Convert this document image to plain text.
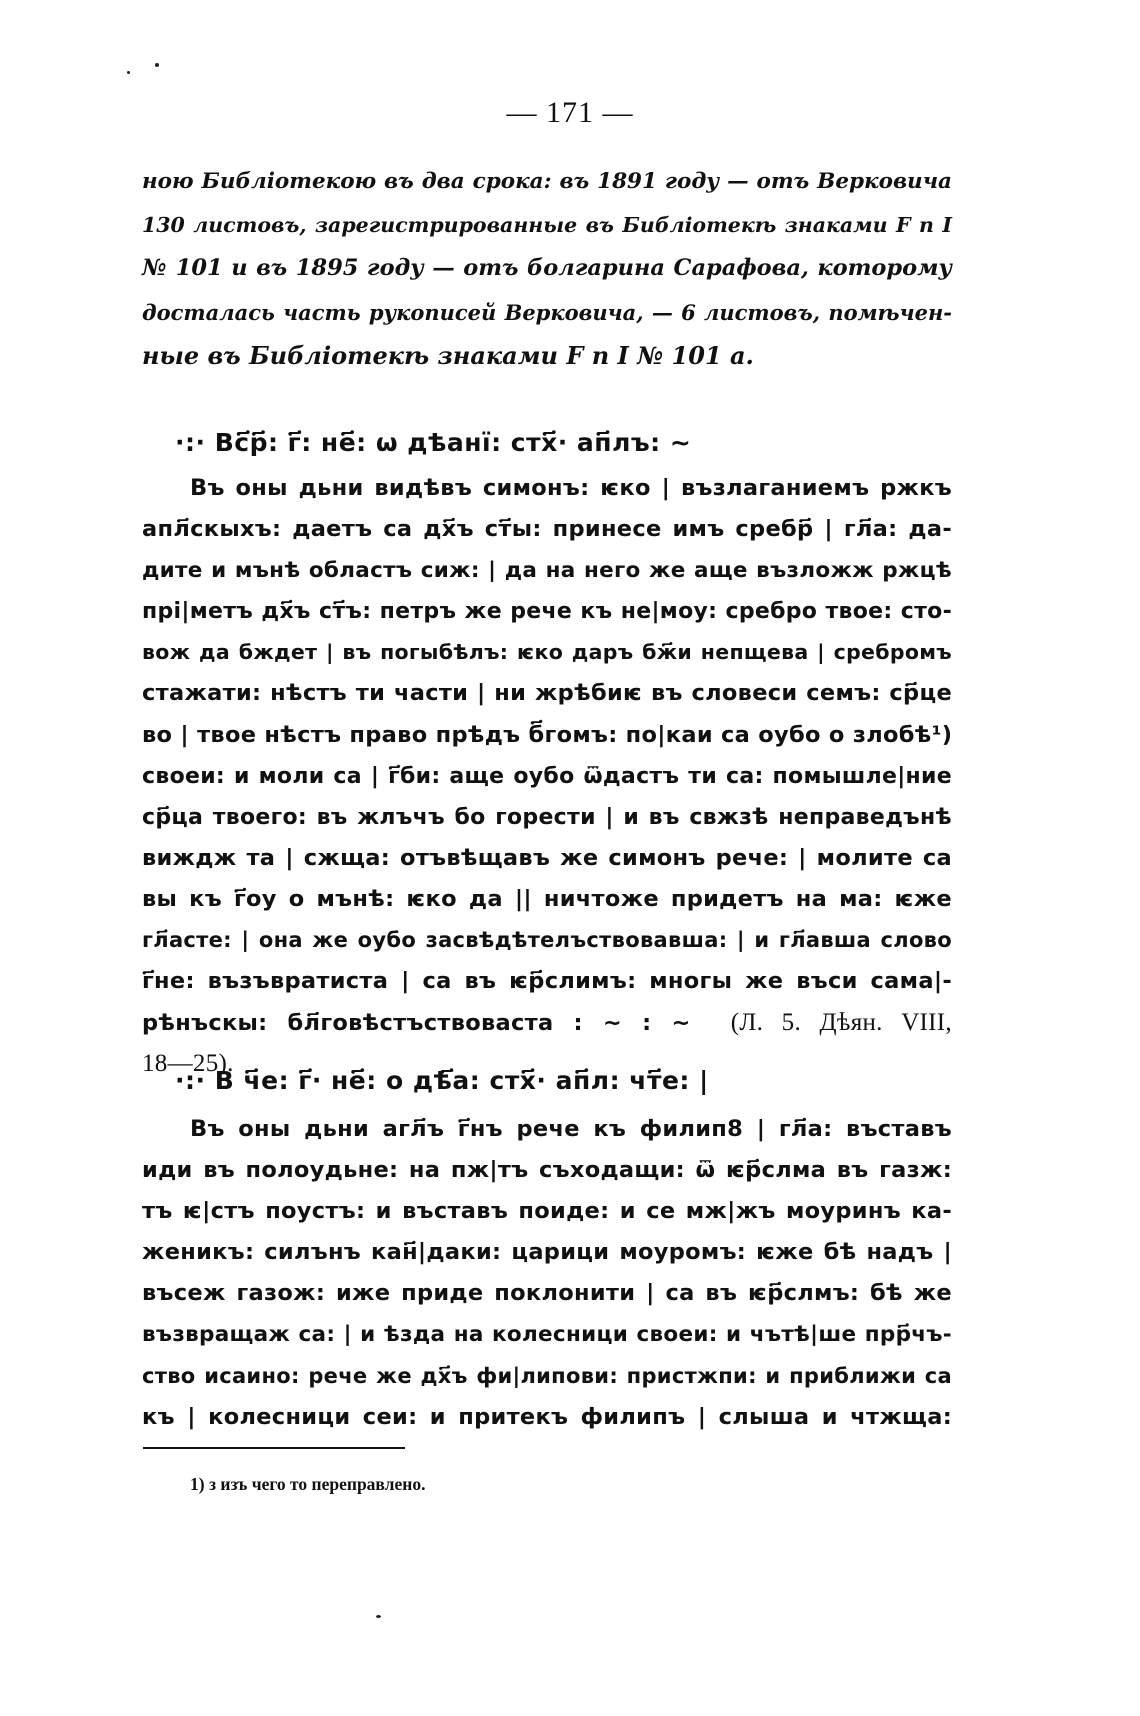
— 171 —
ною Библіотекою въ два срока: въ 1891 году — отъ Верковича
130 листовъ, зарегистрированные въ Библіотекѣ знаками F п I
№ 101 и въ 1895 году — отъ болгарина Сарафова, которому
досталась часть рукописей Верковича, — 6 листовъ, помѣчен-
ные въ Библіотекѣ знаками F п I № 101 а.
·:· Вс҃р҃: г҃: не҃: ѡ дѣанї: стх҃· ап҃лъ: ~
Въ оны дьни видѣвъ симонъ: ѥко | възлаганиемъ ржкъ
апл҃скыхъ: даетъ са дх҃ъ ст҃ы: принесе имъ сребр҃ | гл҃а: да-
дите и мънѣ областъ сиж: | да на него же аще възложж ржцѣ
прі|метъ дх҃ъ ст҃ъ: петръ же рече къ не|моу: сребро твое: сто-
вож да бждет | въ погыбѣлъ: ѥко даръ бж҃и непщева | сребромъ
стажати: нѣстъ ти части | ни жрѣбиѥ въ словеси семъ: ср҃це
во | твое нѣстъ право прѣдъ б҃гомъ: по|каи са оубо о злобѣ¹)
своеи: и моли са | г҃би: аще оубо ѿдастъ ти са: помышле|ние
ср҃ца твоего: въ жлъчъ бо горести | и въ свжзѣ неправедънѣ
виждж та | сжща: отъвѣщавъ же симонъ рече: | молите са
вы къ г҃оу о мънѣ: ѥко да || ничтоже придетъ на ма: ѥже
гл҃асте: | она же оубо засвѣдѣтелъствовавша: | и гл҃авша слово
г҃не: възъвратиста | са въ ѥр҃слимъ: многы же въси сама|-
рѣнъскы: бл҃говѣстъствоваста : ~ : ~ (Л. 5. Дѣян. VIII,
18—25).
·:· В ч҃е: г҃· не҃: о дѣ҃а: стх҃· ап҃л: чт҃е: |
Въ оны дьни агл҃ъ г҃нъ рече къ филип8 | гл҃а: въставъ
иди въ полоудьне: на пж|тъ съходащи: ѿ ѥр҃слма въ газж:
тъ ѥ|стъ поустъ: и въставъ поиде: и се мж|жъ моуринъ ка-
женикъ: силънъ кан҃|даки: царици моуромъ: ѥже бѣ надъ |
въсеж газож: иже приде поклонити | са въ ѥр҃слмъ: бѣ же
възвращаж са: | и ѣзда на колесници своеи: и чътѣ|ше прр҃чъ-
ство исаино: рече же дх҃ъ фи|липови: пристжпи: и приближи са
къ | колесници сеи: и притекъ филипъ | слыша и чтжща:
1) з изъ чего то перепpавлено.
